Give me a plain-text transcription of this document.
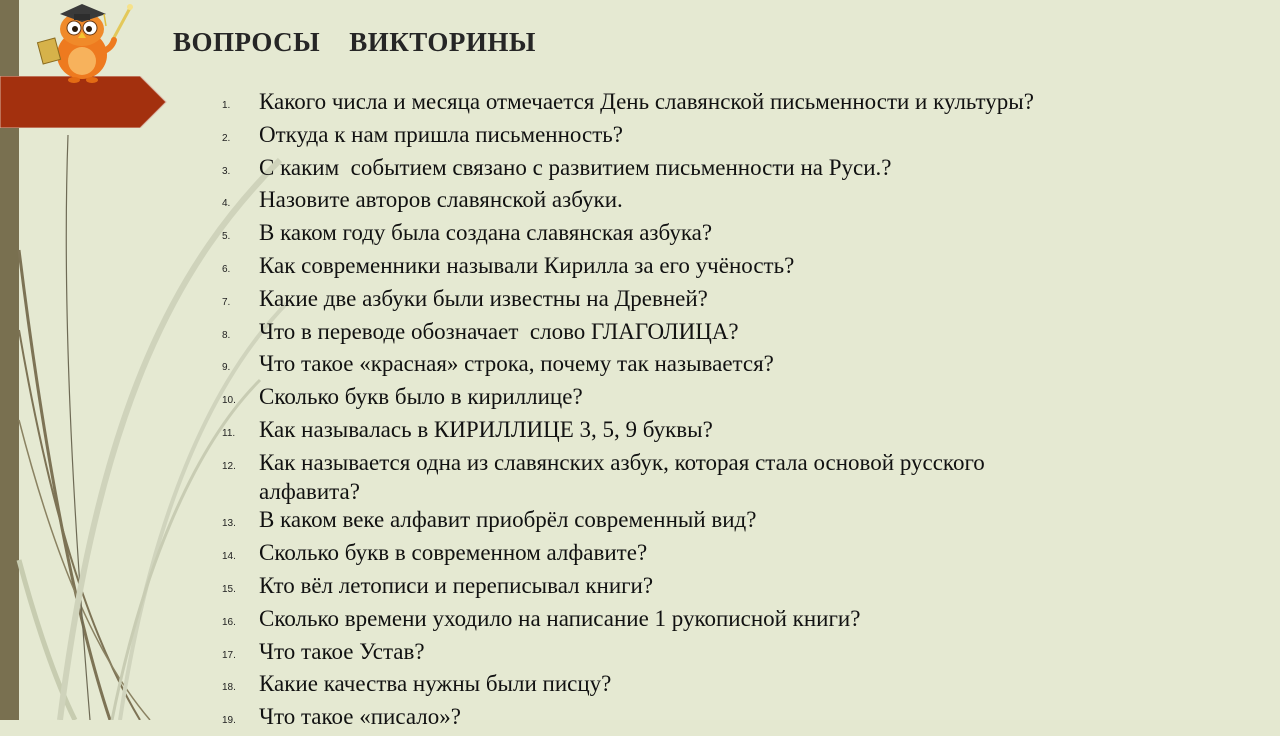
ВОПРОСЫ    ВИКТОРИНЫ
1.	Какого числа и месяца отмечается День славянской письменности и культуры?
2.	Откуда к нам пришла письменность?
3.	С каким  событием связано с развитием письменности на Руси.?
4.	Назовите авторов славянской азбуки.
5.	В каком году была создана славянская азбука?
6.	Как современники называли Кирилла за его учёность?
7.	Какие две азбуки были известны на Древней?
8.	Что в переводе обозначает  слово ГЛАГОЛИЦА?
9.	Что такое «красная» строка, почему так называется?
10.	Сколько букв было в кириллице?
11.	Как называлась в КИРИЛЛИЦЕ 3, 5, 9 буквы?
12.	Как называется одна из славянских азбук, которая стала основой русского алфавита?
13.	В каком веке алфавит приобрёл современный вид?
14.	Сколько букв в современном алфавите?
15.	Кто вёл летописи и переписывал книги?
16.	Сколько времени уходило на написание 1 рукописной книги?
17.	Что такое Устав?
18.	Какие качества нужны были писцу?
19.	Что такое «писало»?
